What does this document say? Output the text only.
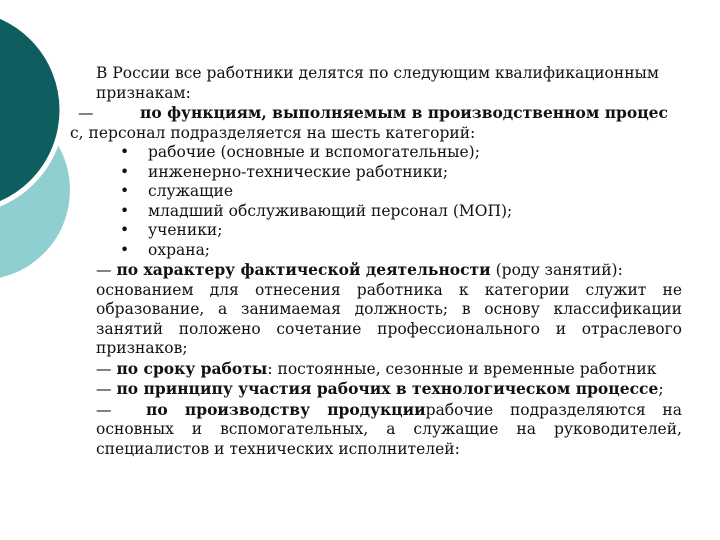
В России все работники делятся по следующим квалификационным признакам:
—	по функциям, выполняемым в производственном процес
с, персонал подразделяется на шесть категорий:
• рабочие (основные и вспомогательные);
• инженерно-технические работники;
• служащие
• младший обслуживающий персонал (МОП);
• ученики;
• охрана;
— по характеру фактической деятельности (роду занятий):
основанием для отнесения работника к категории служит не образование, а занимаемая должность; в основу классификации занятий положено сочетание профессионального и отраслевого признаков;
— по сроку работы: постоянные, сезонные и временные работник
— по принципу участия рабочих в технологическом процессе;
— по производству продукциирабочие подразделяются на основных и вспомогательных, а служащие на руководителей, специалистов и технических исполнителей:
